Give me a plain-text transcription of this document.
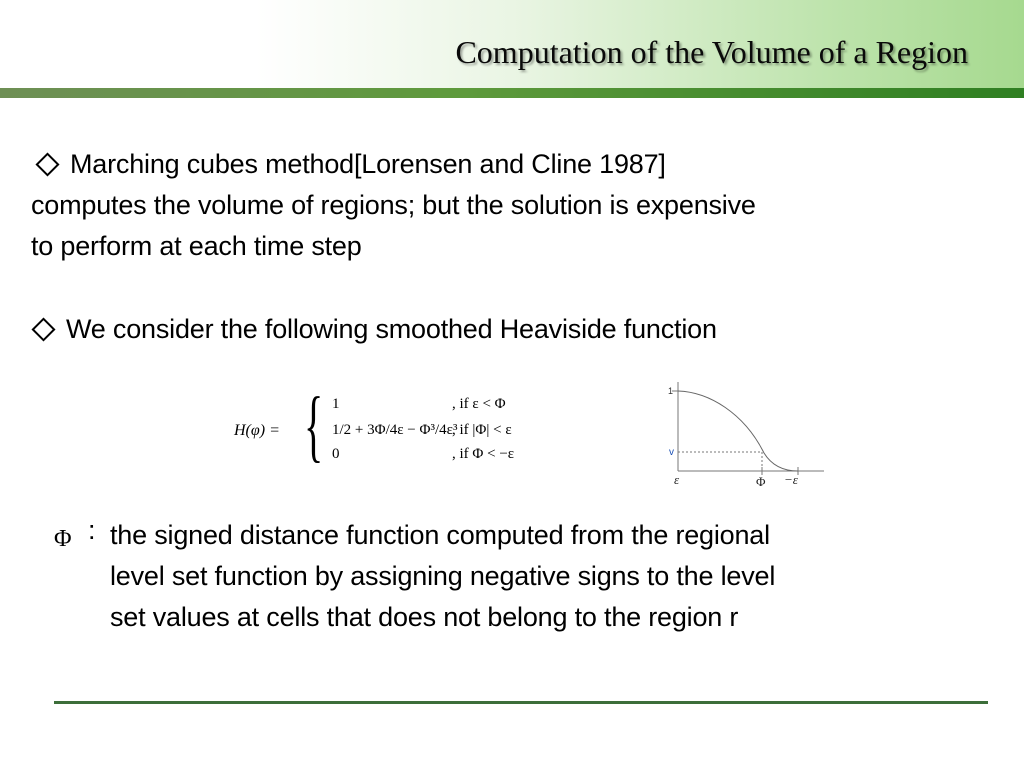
Computation of the Volume of a Region
Marching cubes method[Lorensen and Cline 1987]
computes the volume of regions; but the solution is expensive
to perform at each time step
We consider the following smoothed Heaviside function
H(φ) = { 1
1/2 + 3Φ/4ε − Φ³/4ε³
0
, if ε < Φ
, if |Φ| < ε
, if Φ < −ε
1
v
ε	Φ −ε
Φ : the signed distance function computed from the regional
level set function by assigning negative signs to the level
set values at cells that does not belong to the region r
